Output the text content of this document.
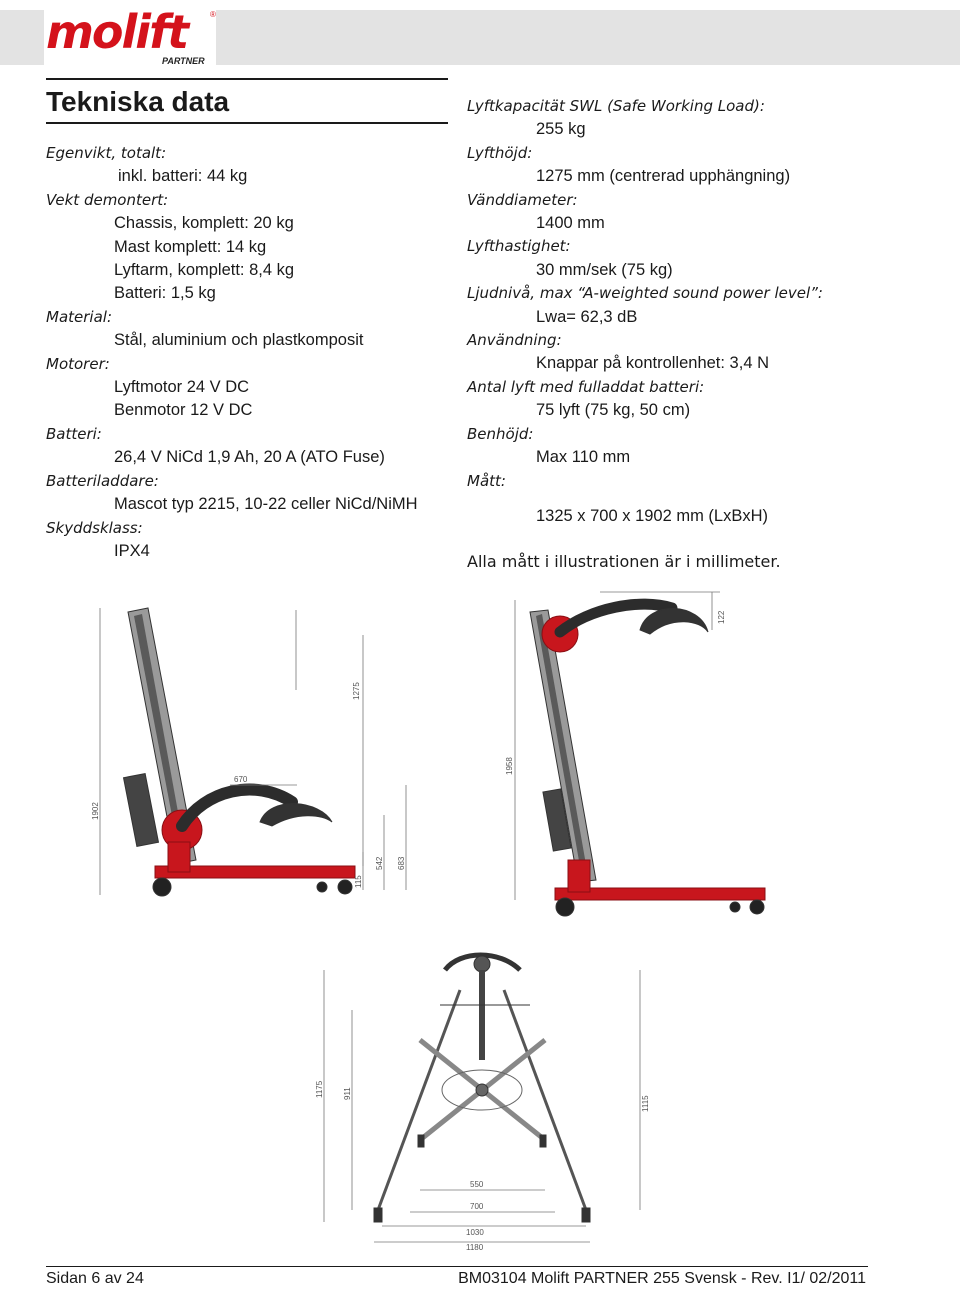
molift	®
PARTNER
Tekniska data
Egenvikt, totalt:
inkl. batteri: 44 kg
Vekt demontert:
Chassis, komplett: 20 kg
Mast komplett: 14 kg
Lyftarm, komplett: 8,4 kg
Batteri: 1,5 kg
Material:
Stål, aluminium och plastkomposit
Motorer:
Lyftmotor 24 V DC
Benmotor 12 V DC
Batteri:
26,4 V NiCd 1,9 Ah, 20 A (ATO Fuse)
Batteriladdare:
Mascot typ 2215, 10-22 celler NiCd/NiMH
Skyddsklass:
IPX4
Lyftkapacität SWL (Safe Working Load):
255 kg
Lyfthöjd:
1275 mm (centrerad upphängning)
Vänddiameter:
1400 mm
Lyfthastighet:
30 mm/sek (75 kg)
Ljudnivå, max “A-weighted sound power level”:
Lwa= 62,3 dB
Användning:
Knappar på kontrollenhet: 3,4 N
Antal lyft med fulladdat batteri:
75 lyft (75 kg, 50 cm)
Benhöjd:
Max 110 mm
Mått:
1325 x 700 x 1902 mm (LxBxH)
Alla mått i illustrationen är i millimeter.
1902
1275
670
115
542 683
122
1958
1175 911
1115
550
700
1030
1180
Sidan 6 av 24	BM03104 Molift PARTNER 255 Svensk - Rev. I1/ 02/2011
